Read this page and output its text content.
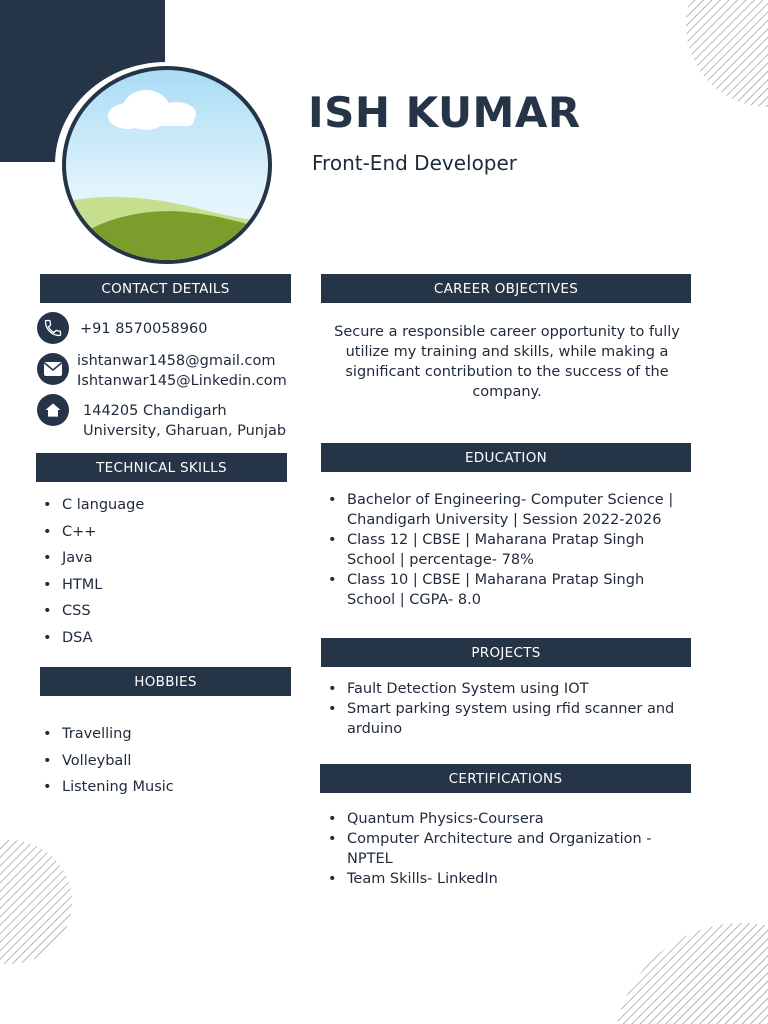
ISH KUMAR
Front-End Developer
CONTACT DETAILS
+91 8570058960
ishtanwar1458@gmail.com
Ishtanwar145@Linkedin.com
144205 Chandigarh
University, Gharuan, Punjab
TECHNICAL SKILLS
• C language
• C++
• Java
• HTML
• CSS
• DSA
HOBBIES
• Travelling
• Volleyball
• Listening Music
CAREER OBJECTIVES
Secure a responsible career opportunity to fully utilize my training and skills, while making a significant contribution to the success of the company.
EDUCATION
• Bachelor of Engineering- Computer Science | Chandigarh University | Session 2022-2026
• Class 12 | CBSE | Maharana Pratap Singh School | percentage- 78%
• Class 10 | CBSE | Maharana Pratap Singh School | CGPA- 8.0
PROJECTS
• Fault Detection System using IOT
• Smart parking system using rfid scanner and arduino
CERTIFICATIONS
• Quantum Physics-Coursera
• Computer Architecture and Organization - NPTEL
• Team Skills- LinkedIn
